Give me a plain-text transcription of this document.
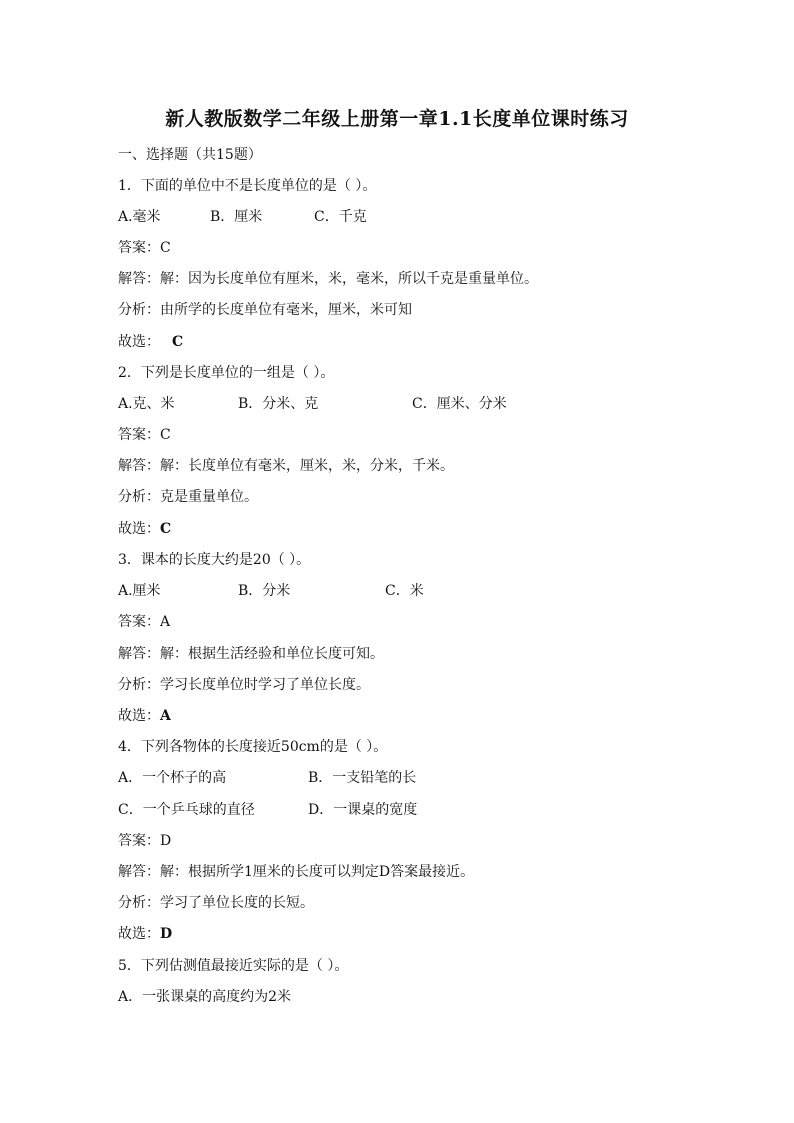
新人教版数学二年级上册第一章1.1长度单位课时练习
一、选择题（共15题）
1．下面的单位中不是长度单位的是（ ）。
A.毫米	B．厘米	C．千克
答案：C
解答：解：因为长度单位有厘米，米，毫米，所以千克是重量单位。
分析：由所学的长度单位有毫米，厘米，米可知
故选： C
2．下列是长度单位的一组是（ ）。
A.克、米	B．分米、克	C．厘米、分米
答案：C
解答：解：长度单位有毫米，厘米，米，分米，千米。
分析：克是重量单位。
故选：C
3．课本的长度大约是20（ ）。
A.厘米	B．分米	C．米
答案：A
解答：解：根据生活经验和单位长度可知。
分析：学习长度单位时学习了单位长度。
故选：A
4．下列各物体的长度接近50cm的是（ ）。
A．一个杯子的高	B．一支铅笔的长
C．一个乒乓球的直径	D．一课桌的宽度
答案：D
解答：解：根据所学1厘米的长度可以判定D答案最接近。
分析：学习了单位长度的长短。
故选：D
5．下列估测值最接近实际的是（ ）。
A．一张课桌的高度约为2米
